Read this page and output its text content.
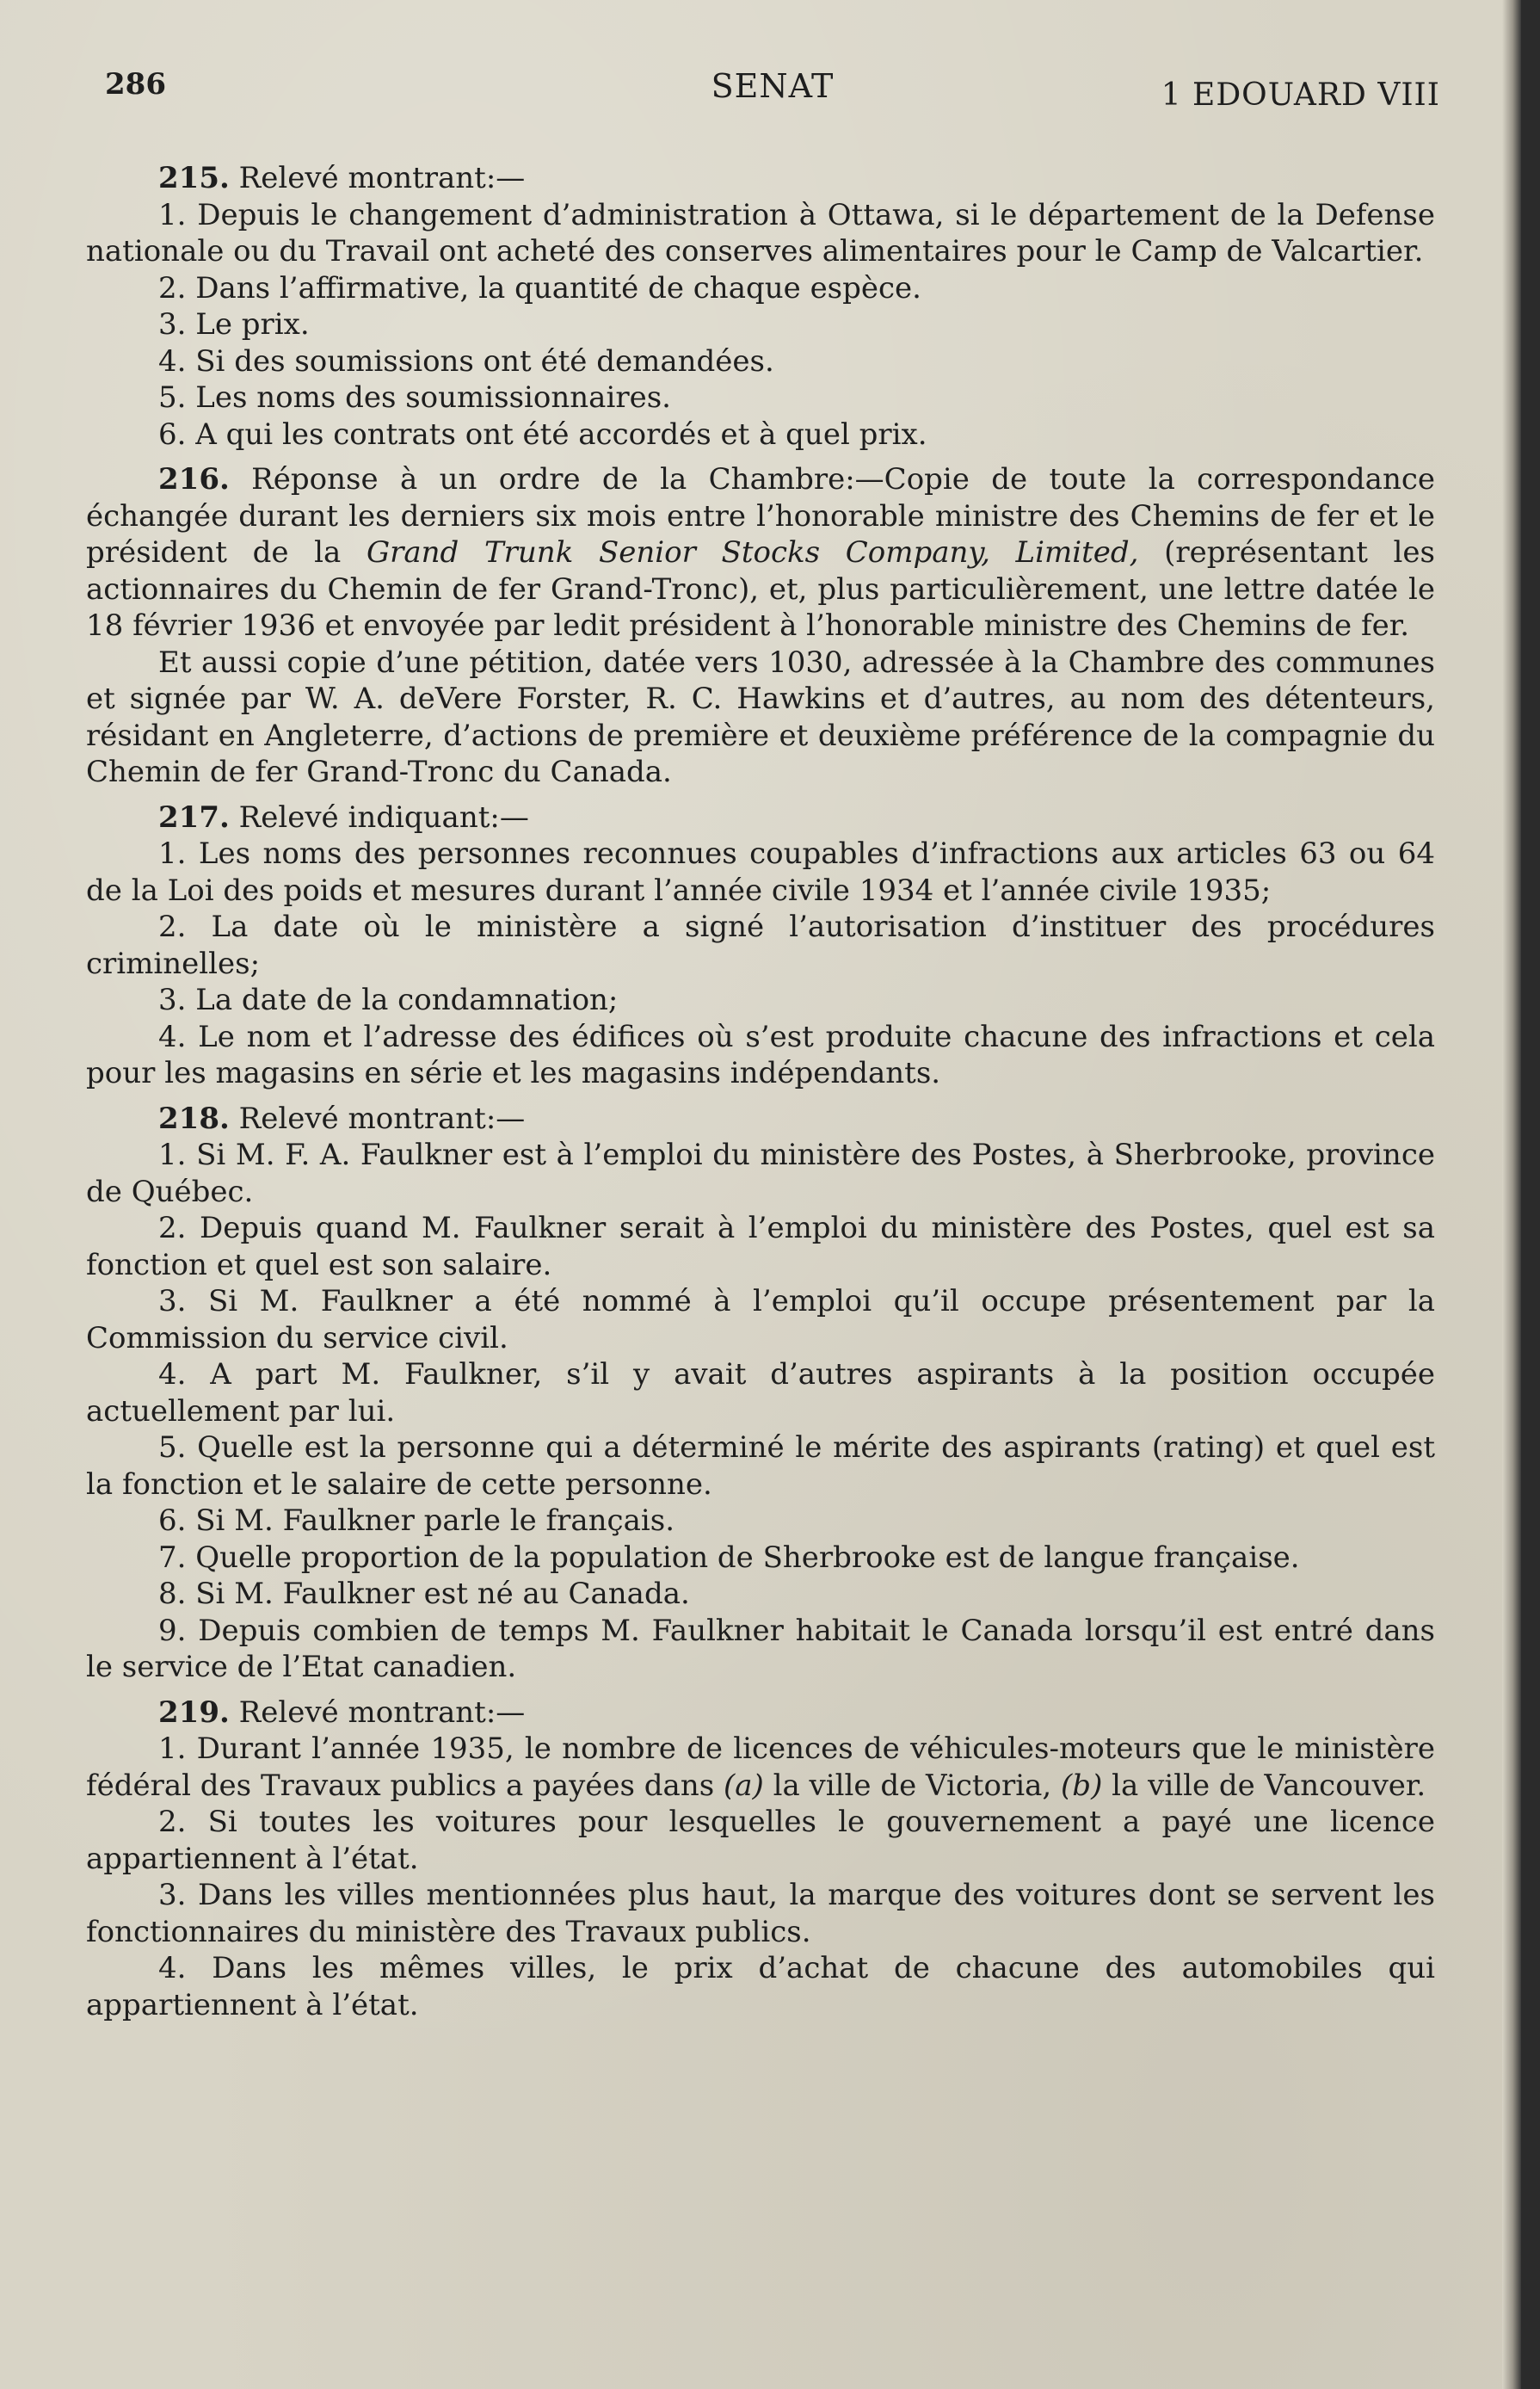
286	SENAT	1 EDOUARD VIII

215. Relevé montrant:—

1. Depuis le changement d’administration à Ottawa, si le département de la Defense nationale ou du Travail ont acheté des conserves alimentaires pour le Camp de Valcartier.

2. Dans l’affirmative, la quantité de chaque espèce.

3. Le prix.

4. Si des soumissions ont été demandées.

5. Les noms des soumissionnaires.

6. A qui les contrats ont été accordés et à quel prix.

216. Réponse à un ordre de la Chambre:—Copie de toute la correspondance échangée durant les derniers six mois entre l’honorable ministre des Chemins de fer et le président de la Grand Trunk Senior Stocks Company, Limited, (représentant les actionnaires du Chemin de fer Grand-Tronc), et, plus particulièrement, une lettre datée le 18 février 1936 et envoyée par ledit président à l’honorable ministre des Chemins de fer.

Et aussi copie d’une pétition, datée vers 1030, adressée à la Chambre des communes et signée par W. A. deVere Forster, R. C. Hawkins et d’autres, au nom des détenteurs, résidant en Angleterre, d’actions de première et deuxième préférence de la compagnie du Chemin de fer Grand-Tronc du Canada.

217. Relevé indiquant:—

1. Les noms des personnes reconnues coupables d’infractions aux articles 63 ou 64 de la Loi des poids et mesures durant l’année civile 1934 et l’année civile 1935;

2. La date où le ministère a signé l’autorisation d’instituer des procédures criminelles;

3. La date de la condamnation;

4. Le nom et l’adresse des édifices où s’est produite chacune des infractions et cela pour les magasins en série et les magasins indépendants.

218. Relevé montrant:—

1. Si M. F. A. Faulkner est à l’emploi du ministère des Postes, à Sherbrooke, province de Québec.

2. Depuis quand M. Faulkner serait à l’emploi du ministère des Postes, quel est sa fonction et quel est son salaire.

3. Si M. Faulkner a été nommé à l’emploi qu’il occupe présentement par la Commission du service civil.

4. A part M. Faulkner, s’il y avait d’autres aspirants à la position occupée actuellement par lui.

5. Quelle est la personne qui a déterminé le mérite des aspirants (rating) et quel est la fonction et le salaire de cette personne.

6. Si M. Faulkner parle le français.

7. Quelle proportion de la population de Sherbrooke est de langue française.

8. Si M. Faulkner est né au Canada.

9. Depuis combien de temps M. Faulkner habitait le Canada lorsqu’il est entré dans le service de l’Etat canadien.

219. Relevé montrant:—

1. Durant l’année 1935, le nombre de licences de véhicules-moteurs que le ministère fédéral des Travaux publics a payées dans (a) la ville de Victoria, (b) la ville de Vancouver.

2. Si toutes les voitures pour lesquelles le gouvernement a payé une licence appartiennent à l’état.

3. Dans les villes mentionnées plus haut, la marque des voitures dont se servent les fonctionnaires du ministère des Travaux publics.

4. Dans les mêmes villes, le prix d’achat de chacune des automobiles qui appartiennent à l’état.
